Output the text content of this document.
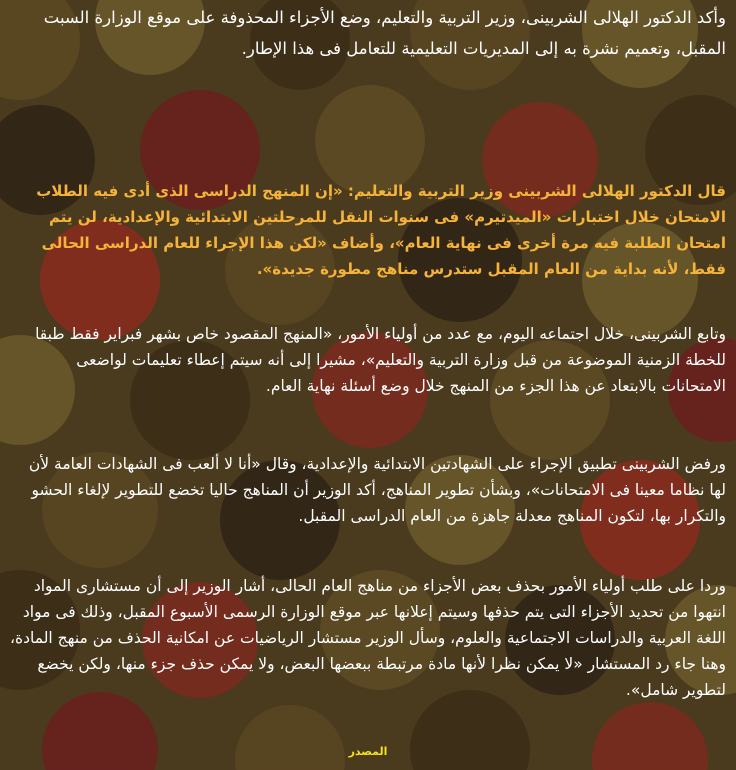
وأكد الدكتور الهلالى الشربينى، وزير التربية والتعليم، وضع الأجزاء المحذوفة على موقع الوزارة السبت المقبل، وتعميم نشرة به إلى المديريات التعليمية للتعامل فى هذا الإطار.

قال الدكتور الهلالى الشربينى وزير التربية والتعليم: «إن المنهج الدراسى الذى أدى فيه الطلاب الامتحان خلال اختبارات «الميدتيرم» فى سنوات النقل للمرحلتين الابتدائية والإعدادية، لن يتم امتحان الطلبة فيه مرة أخرى فى نهاية العام»، وأضاف «لكن هذا الإجراء للعام الدراسى الحالى فقط، لأنه بداية من العام المقبل ستدرس مناهج مطورة جديدة».

وتابع الشربينى، خلال اجتماعه اليوم، مع عدد من أولياء الأمور، «المنهج المقصود خاص بشهر فبراير فقط طبقا للخطة الزمنية الموضوعة من قبل وزارة التربية والتعليم»، مشيرا إلى أنه سيتم إعطاء تعليمات لواضعى الامتحانات بالابتعاد عن هذا الجزء من المنهج خلال وضع أسئلة نهاية العام.

ورفض الشربينى تطبيق الإجراء على الشهادتين الابتدائية والإعدادية، وقال «أنا لا ألعب فى الشهادات العامة لأن لها نظاما معينا فى الامتحانات»، وبشأن تطوير المناهج، أكد الوزير أن المناهج حاليا تخضع للتطوير لإلغاء الحشو والتكرار بها، لتكون المناهج معدلة جاهزة من العام الدراسى المقبل.

وردا على طلب أولياء الأمور بحذف بعض الأجزاء من مناهج العام الحالى، أشار الوزير إلى أن مستشارى المواد انتهوا من تحديد الأجزاء التى يتم حذفها وسيتم إعلانها عبر موقع الوزارة الرسمى الأسبوع المقبل، وذلك فى مواد اللغة العربية والدراسات الاجتماعية والعلوم، وسأل الوزير مستشار الرياضيات عن امكانية الحذف من منهج المادة، وهنا جاء رد المستشار «لا يمكن نظرا لأنها مادة مرتبطة ببعضها البعض، ولا يمكن حذف جزء منها، ولكن يخضع لتطوير شامل».

المصدر
